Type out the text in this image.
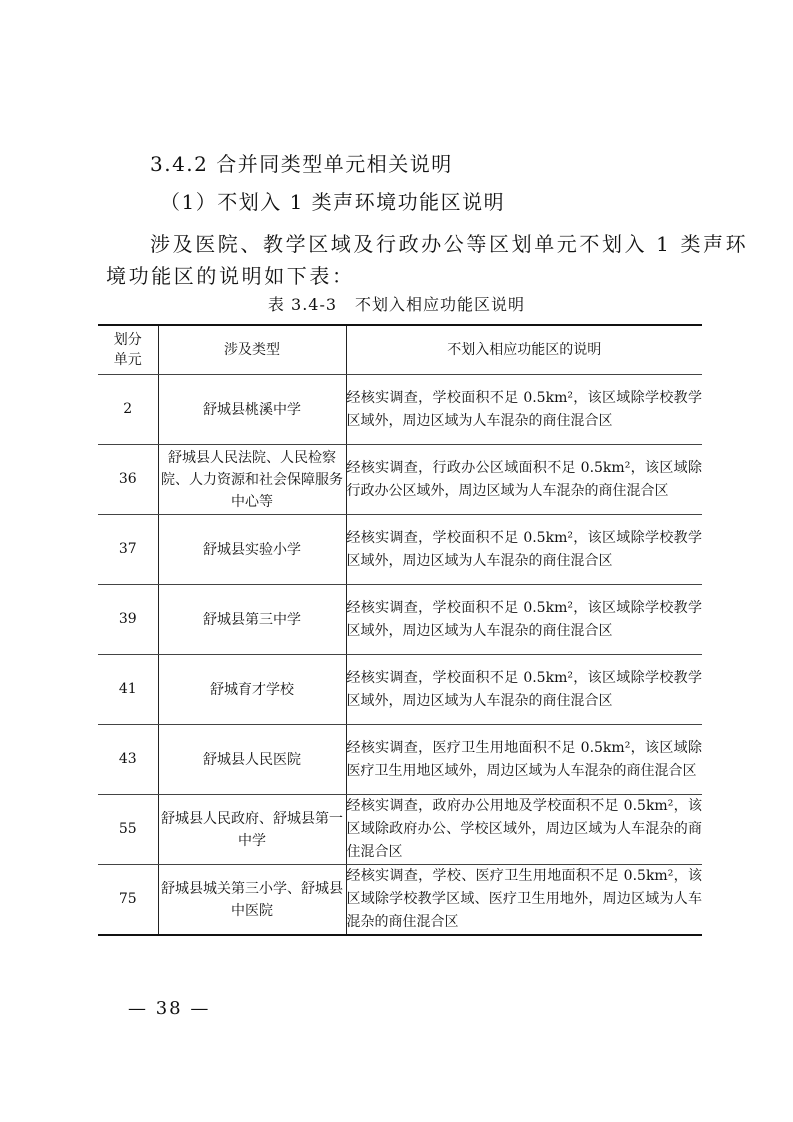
3.4.2 合并同类型单元相关说明
（1）不划入 1 类声环境功能区说明
涉及医院、教学区域及行政办公等区划单元不划入 1 类声环
境功能区的说明如下表：
表 3.4-3 不划入相应功能区说明
划分
单元	涉及类型	不划入相应功能区的说明
2	舒城县桃溪中学	经核实调查，学校面积不足 0.5km²，该区域除学校教学区域外，周边区域为人车混杂的商住混合区
36	舒城县人民法院、人民检察院、人力资源和社会保障服务中心等	经核实调查，行政办公区域面积不足 0.5km²，该区域除行政办公区域外，周边区域为人车混杂的商住混合区
37	舒城县实验小学	经核实调查，学校面积不足 0.5km²，该区域除学校教学区域外，周边区域为人车混杂的商住混合区
39	舒城县第三中学	经核实调查，学校面积不足 0.5km²，该区域除学校教学区域外，周边区域为人车混杂的商住混合区
41	舒城育才学校	经核实调查，学校面积不足 0.5km²，该区域除学校教学区域外，周边区域为人车混杂的商住混合区
43	舒城县人民医院	经核实调查，医疗卫生用地面积不足 0.5km²，该区域除医疗卫生用地区域外，周边区域为人车混杂的商住混合区
55	舒城县人民政府、舒城县第一中学	经核实调查，政府办公用地及学校面积不足 0.5km²，该区域除政府办公、学校区域外，周边区域为人车混杂的商住混合区
75	舒城县城关第三小学、舒城县中医院	经核实调查，学校、医疗卫生用地面积不足 0.5km²，该区域除学校教学区域、医疗卫生用地外，周边区域为人车混杂的商住混合区
— 38 —
